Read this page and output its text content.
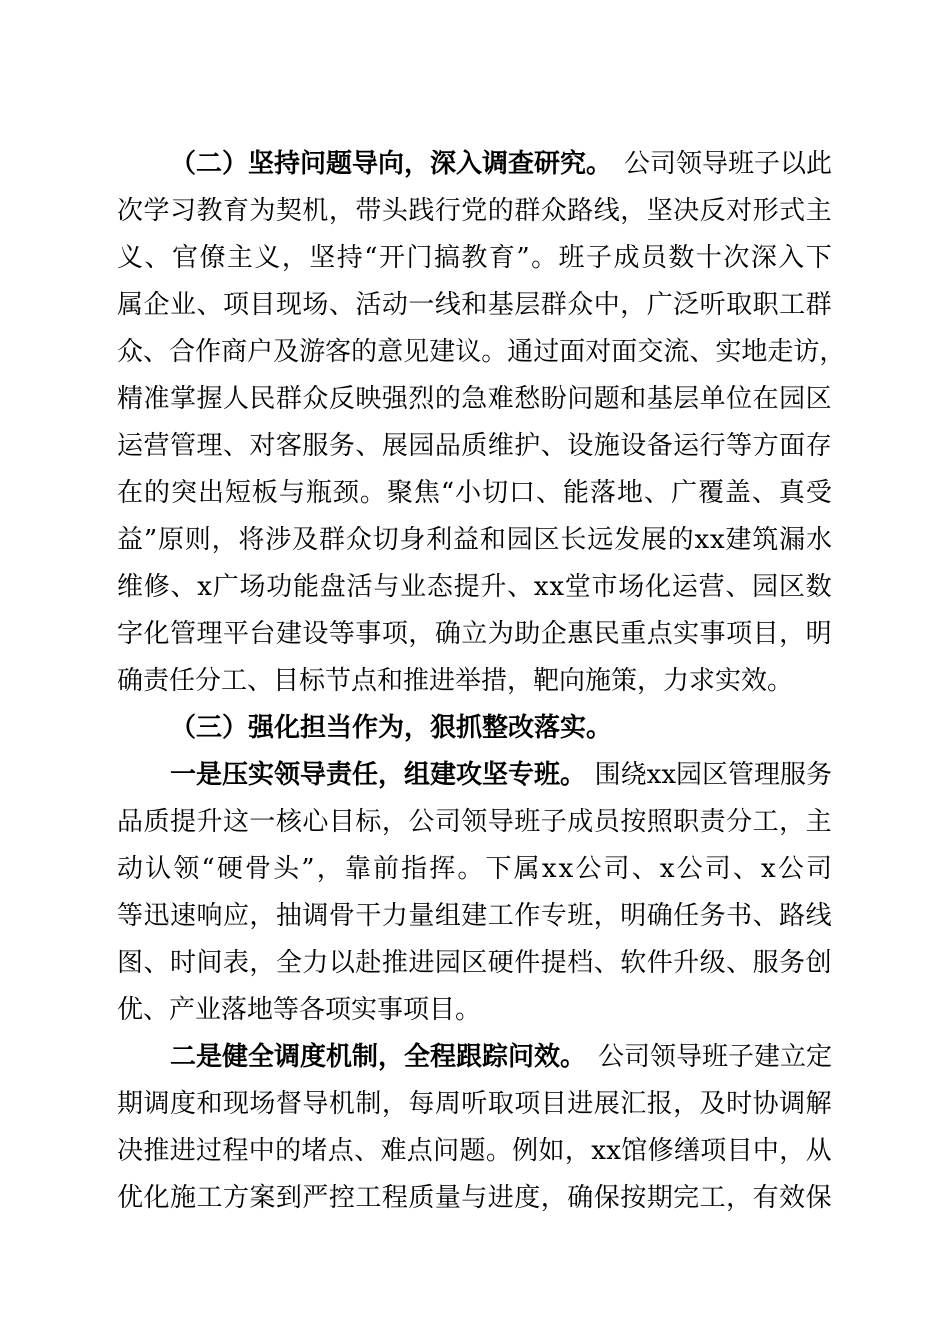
（二）坚持问题导向，深入调查研究。 公司领导班子以此
次 学 习 教 育 为 契 机 ， 带 头 践 行 党 的 群 众 路 线 ， 坚 决 反 对 形 式 主
义 、 官 僚 主 义 ， 坚 持 “ 开 门 搞 教 育 ” 。 班 子 成 员 数 十 次 深 入 下
属 企 业 、 项 目 现 场 、 活 动 一 线 和 基 层 群 众 中 ， 广 泛 听 取 职 工 群
众 、 合 作 商 户 及 游 客 的 意 见 建 议 。 通 过 面 对 面 交 流 、 实 地 走 访 ，
精 准 掌 握 人 民 群 众 反 映 强 烈 的 急 难 愁 盼 问 题 和 基 层 单 位 在 园 区
运 营 管 理 、 对 客 服 务 、 展 园 品 质 维 护 、 设 施 设 备 运 行 等 方 面 存
在 的 突 出 短 板 与 瓶 颈 。 聚 焦 “ 小 切 口 、 能 落 地 、 广 覆 盖 、 真 受
益 ” 原 则 ， 将 涉 及 群 众 切 身 利 益 和 园 区 长 远 发 展 的 x x 建 筑 漏 水
维 修 、 x 广 场 功 能 盘 活 与 业 态 提 升 、 x x 堂 市 场 化 运 营 、 园 区 数
字 化 管 理 平 台 建 设 等 事 项 ， 确 立 为 助 企 惠 民 重 点 实 事 项 目 ， 明
确责任分工、目标节点和推进举措，靶向施策，力求实效。
（三）强化担当作为，狠抓整改落实。
一是压实领导责任，组建攻坚专班。 围绕xx园区管理服务
品 质 提 升 这 一 核 心 目 标 ， 公 司 领 导 班 子 成 员 按 照 职 责 分 工 ， 主
动 认 领 “ 硬 骨 头 ” ， 靠 前 指 挥 。 下 属 x x 公 司 、 x 公 司 、 x 公 司
等 迅 速 响 应 ， 抽 调 骨 干 力 量 组 建 工 作 专 班 ， 明 确 任 务 书 、 路 线
图 、 时 间 表 ， 全 力 以 赴 推 进 园 区 硬 件 提 档 、 软 件 升 级 、 服 务 创
优、产业落地等各项实事项目。
二是健全调度机制，全程跟踪问效。 公司领导班子建立定
期 调 度 和 现 场 督 导 机 制 ， 每 周 听 取 项 目 进 展 汇 报 ， 及 时 协 调 解
决 推 进 过 程 中 的 堵 点 、 难 点 问 题 。 例 如 ， x x 馆 修 缮 项 目 中 ， 从
优 化 施 工 方 案 到 严 控 工 程 质 量 与 进 度 ， 确 保 按 期 完 工 ， 有 效 保
